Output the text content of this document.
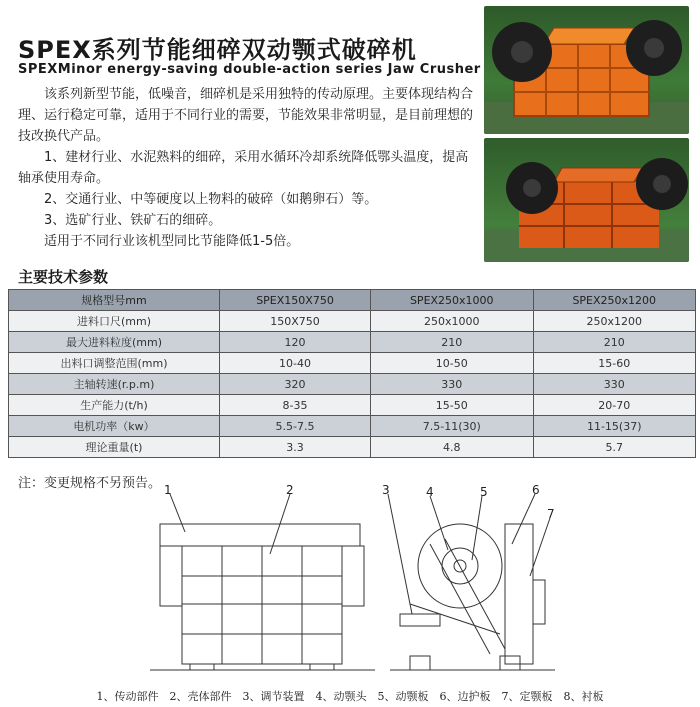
SPEX系列节能细碎双动颚式破碎机
SPEXMinor energy-saving double-action series Jaw Crusher

　　该系列新型节能，低噪音，细碎机是采用独特的传动原理。主要体现结构合理、运行稳定可靠，适用于不同行业的需要，节能效果非常明显，是目前理想的技改换代产品。

　　1、建材行业、水泥熟料的细碎，采用水循环冷却系统降低鄂头温度，提高轴承使用寿命。

　　2、交通行业、中等硬度以上物料的破碎（如鹅卵石）等。

　　3、选矿行业、铁矿石的细碎。

　　适用于不同行业该机型同比节能降低1-5倍。

主要技术参数
规格型号mm	SPEX150X750	SPEX250x1000	SPEX250x1200
进料口尺(mm)	150X750	250x1000	250x1200
最大进料粒度(mm)	120	210	210
出料口调整范围(mm)	10-40	10-50	15-60
主轴转速(r.p.m)	320	330	330
生产能力(t/h)	8-35	15-50	20-70
电机功率（kw）	5.5-7.5	7.5-11(30)	11-15(37)
理论重量(t)	3.3	4.8	5.7
注：变更规格不另预告。 1	2	3	4	5	6
7
1、传动部件　2、壳体部件　3、调节装置　4、动颚头　5、动颚板　6、边护板　7、定颚板　8、衬板
